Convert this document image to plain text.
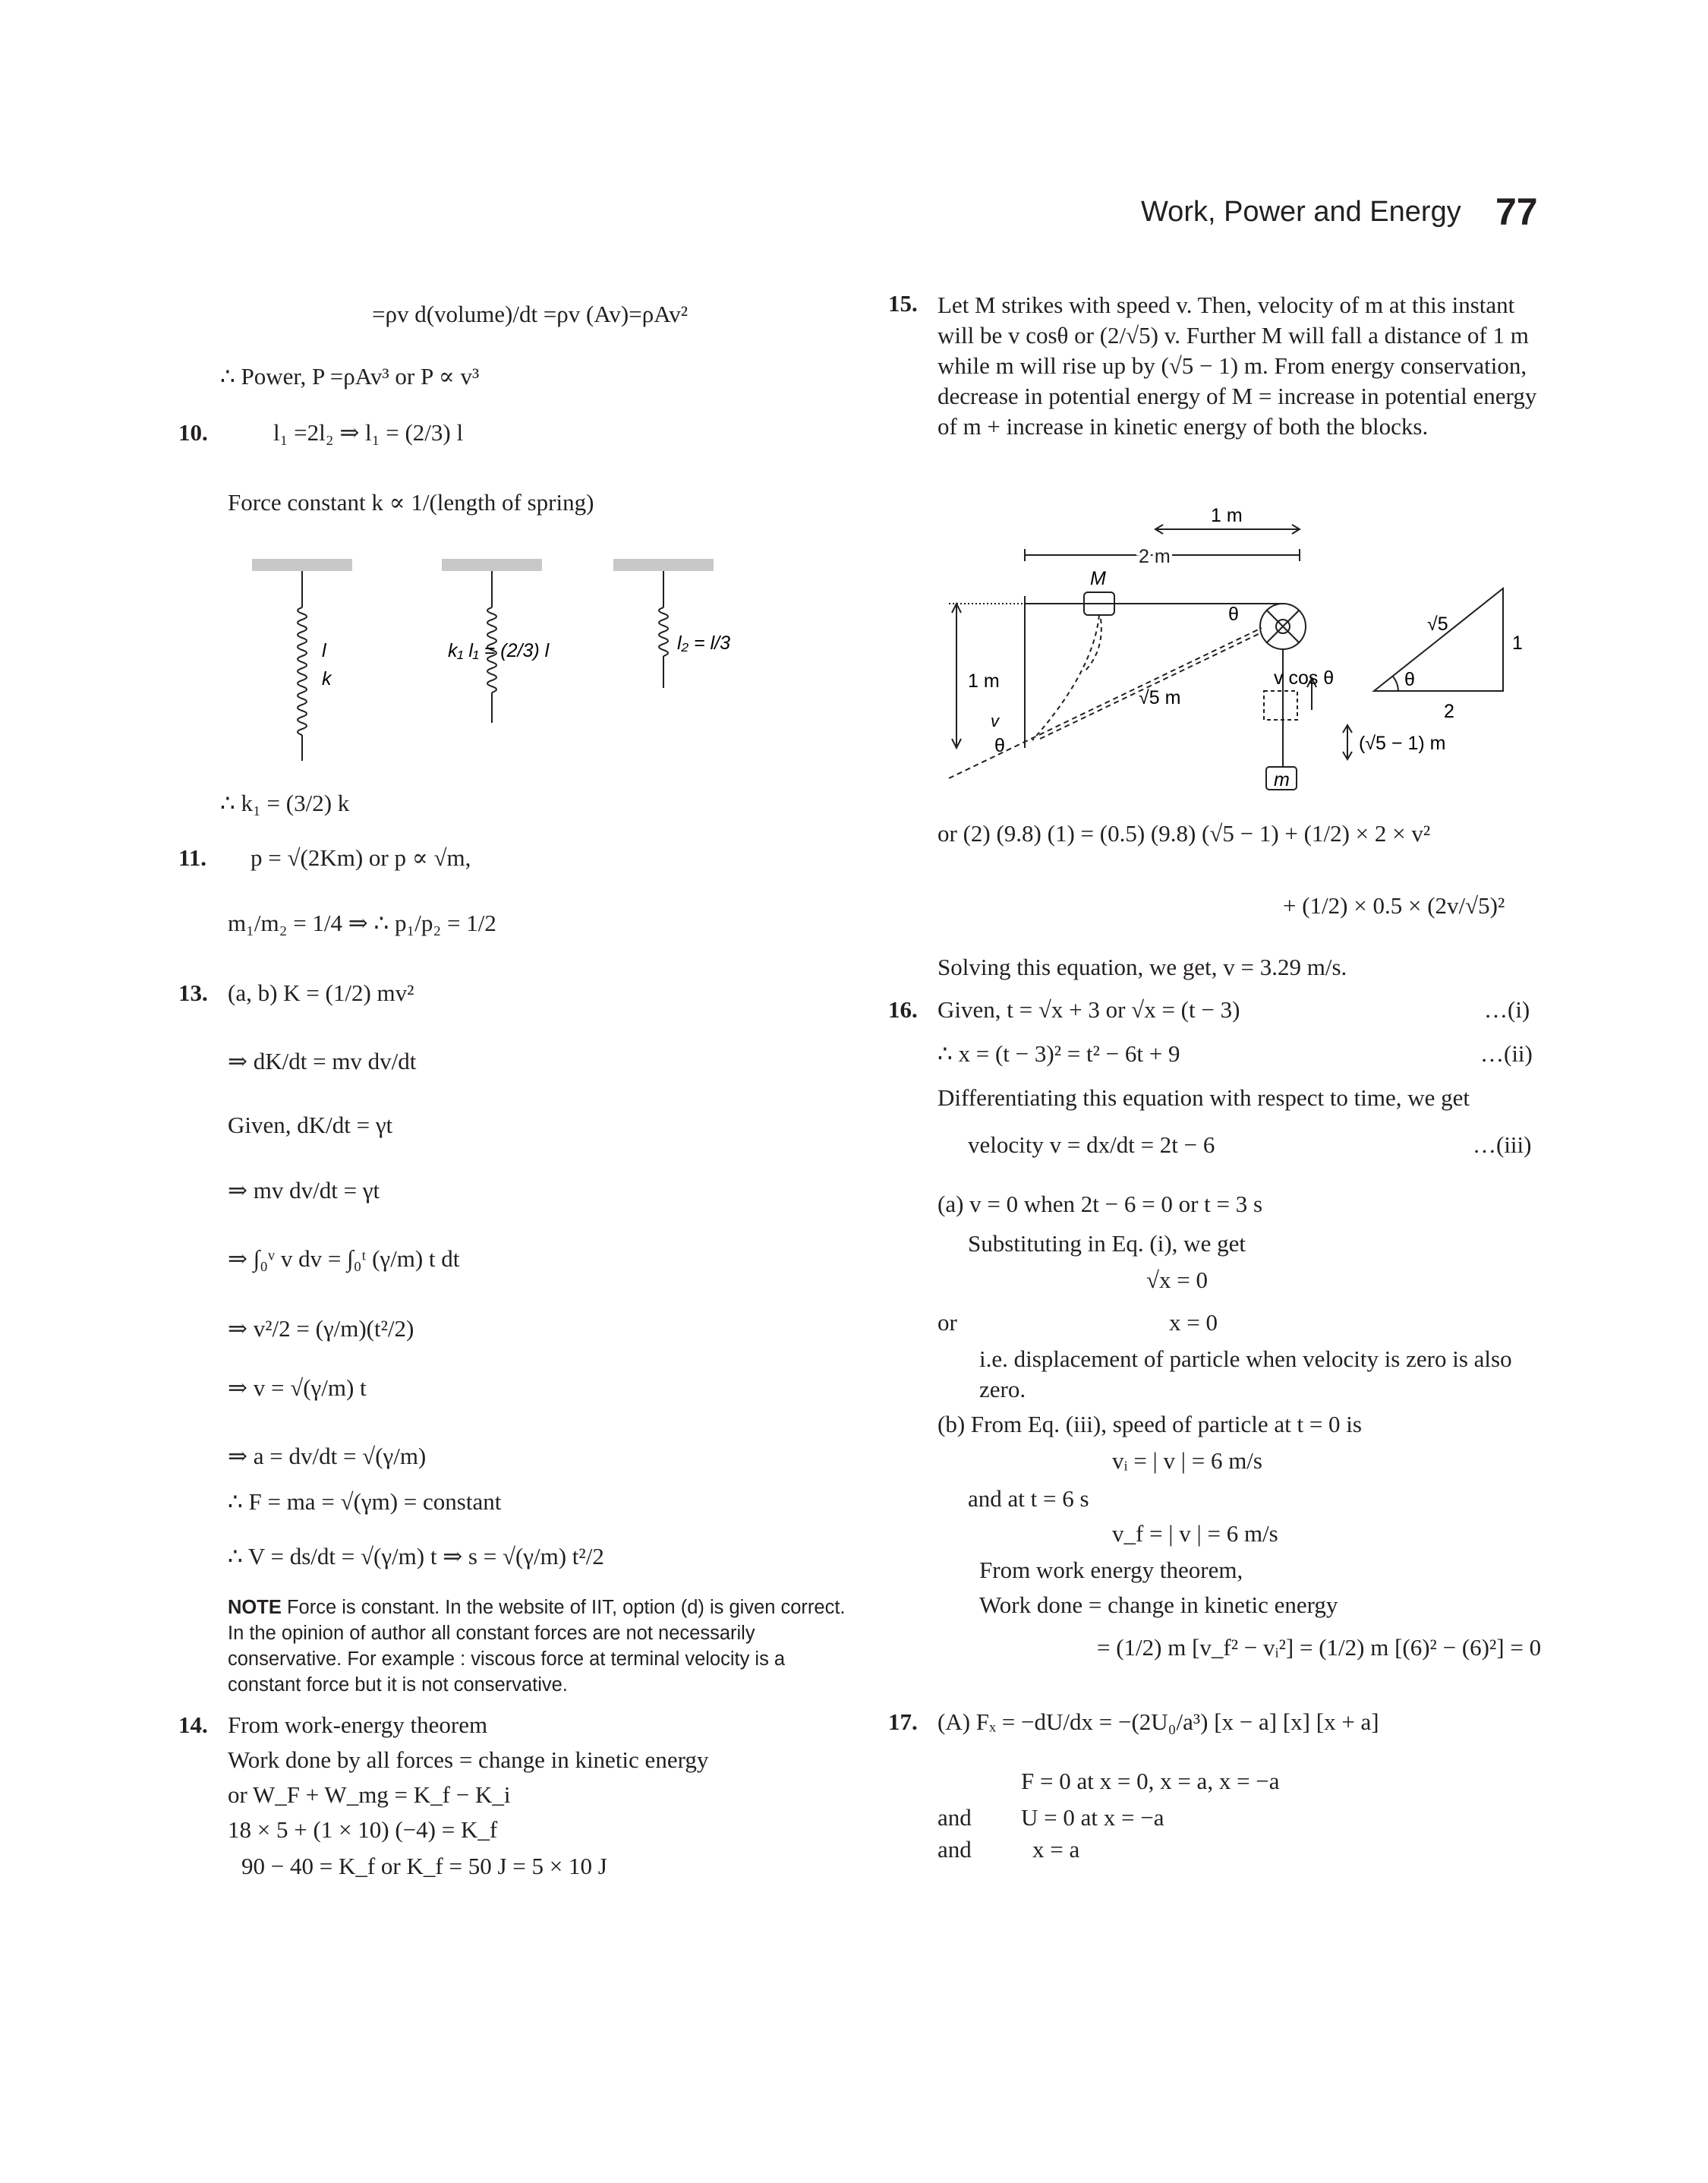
Work, Power and Energy 77
=ρv d(volume)/dt =ρv (Av)=ρAv²
∴ Power, P =ρAv³ or P ∝ v³
10.	l₁ =2l₂ ⇒ l₁ = (2/3) l
Force constant k ∝ 1/(length of spring)
l
k
k₁ l₁ = (2/3) l	l₂ = l/3
∴ k₁ = (3/2) k
11. p = √(2Km) or p ∝ √m,
m₁/m₂ = 1/4 ⇒ ∴ p₁/p₂ = 1/2
13. (a, b) K = (1/2) mv²
⇒ dK/dt = mv dv/dt
Given, dK/dt = γt
⇒ mv dv/dt = γt
⇒ ∫₀ᵛ v dv = ∫₀ᵗ (γ/m) t dt
⇒ v²/2 = (γ/m)(t²/2)
⇒ v = √(γ/m) t
⇒ a = dv/dt = √(γ/m)
∴ F = ma = √(γm) = constant
∴ V = ds/dt = √(γ/m) t ⇒ s = √(γ/m) t²/2
NOTE Force is constant. In the website of IIT, option (d) is given correct. In the opinion of author all constant forces are not necessarily conservative. For example : viscous force at terminal velocity is a constant force but it is not conservative.
14. From work-energy theorem
Work done by all forces = change in kinetic energy
or W_F + W_mg = K_f − K_i
18 × 5 + (1 × 10) (−4) = K_f
90 − 40 = K_f or K_f = 50 J = 5 × 10 J
15. Let M strikes with speed v. Then, velocity of m at this instant will be v cosθ or (2/√5) v. Further M will fall a distance of 1 m while m will rise up by (√5 − 1) m. From energy conservation, decrease in potential energy of M = increase in potential energy of m + increase in kinetic energy of both the blocks.
1 m
2 m
M
θ
1 m
v
θ
√5 m
v cos θ
(√5 − 1) m
m
√5
1
2
θ
or (2) (9.8) (1) = (0.5) (9.8) (√5 − 1) + (1/2) × 2 × v²
+ (1/2) × 0.5 × (2v/√5)²
Solving this equation, we get, v = 3.29 m/s.
16. Given, t = √x + 3 or √x = (t − 3)	…(i)
∴ x = (t − 3)² = t² − 6t + 9	…(ii)
Differentiating this equation with respect to time, we get
velocity v = dx/dt = 2t − 6	…(iii)
(a) v = 0 when 2t − 6 = 0 or t = 3 s
Substituting in Eq. (i), we get
√x = 0
or	x = 0
i.e. displacement of particle when velocity is zero is also zero.
(b) From Eq. (iii), speed of particle at t = 0 is
vᵢ = | v | = 6 m/s
and at t = 6 s
v_f = | v | = 6 m/s
From work energy theorem,
Work done = change in kinetic energy
= (1/2) m [v_f² − vᵢ²] = (1/2) m [(6)² − (6)²] = 0
17. (A) Fₓ = −dU/dx = −(2U₀/a³) [x − a] [x] [x + a]
F = 0 at x = 0, x = a, x = −a
and U = 0 at x = −a
and	x = a
